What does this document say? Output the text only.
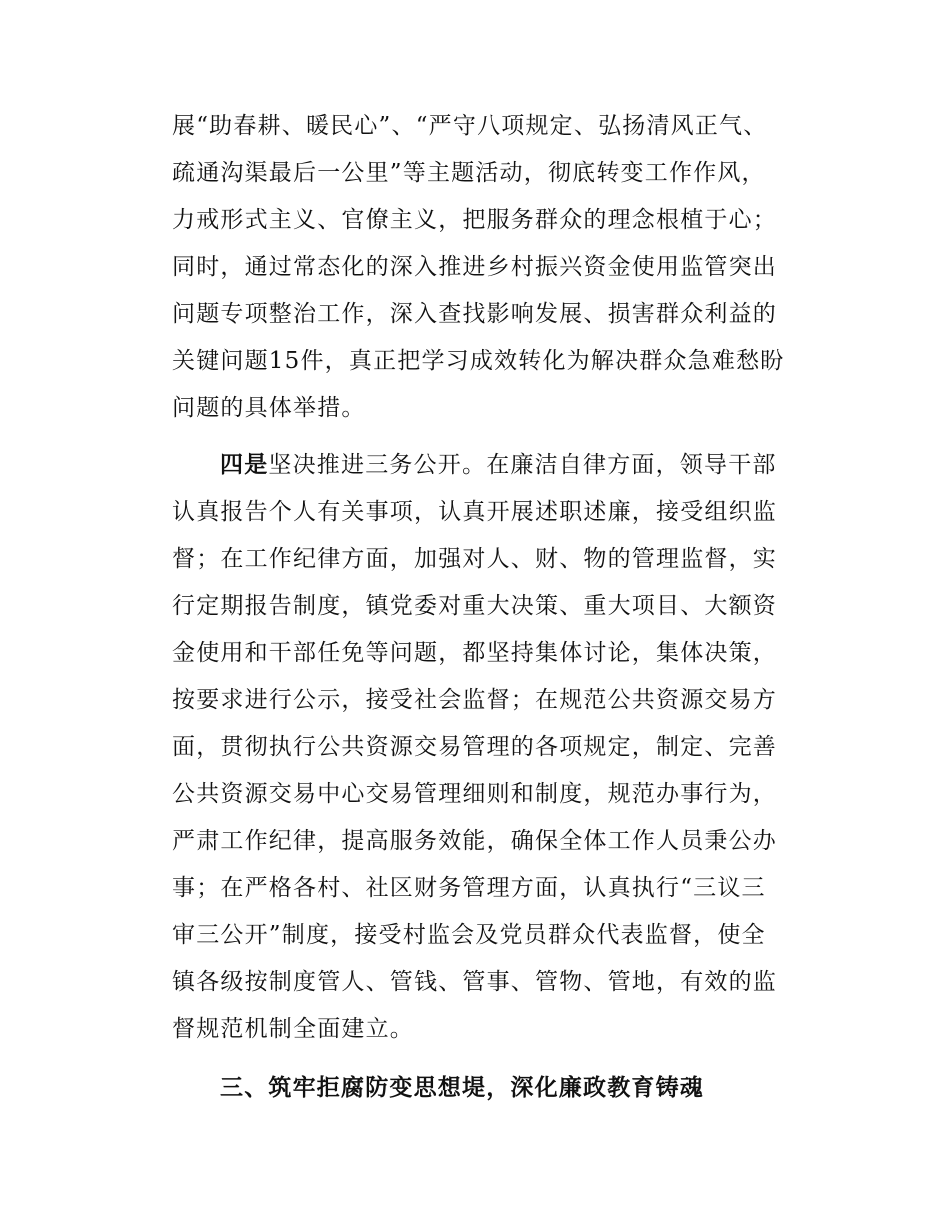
展“助春耕、暖民心”、“严守八项规定、弘扬清风正气、
疏通沟渠最后一公里”等主题活动，彻底转变工作作风，
力戒形式主义、官僚主义，把服务群众的理念根植于心；
同时，通过常态化的深入推进乡村振兴资金使用监管突出
问题专项整治工作，深入查找影响发展、损害群众利益的
关键问题15件，真正把学习成效转化为解决群众急难愁盼
问题的具体举措。
四是坚决推进三务公开。在廉洁自律方面，领导干部
认真报告个人有关事项，认真开展述职述廉，接受组织监
督；在工作纪律方面，加强对人、财、物的管理监督，实
行定期报告制度，镇党委对重大决策、重大项目、大额资
金使用和干部任免等问题，都坚持集体讨论，集体决策，
按要求进行公示，接受社会监督；在规范公共资源交易方
面，贯彻执行公共资源交易管理的各项规定，制定、完善
公共资源交易中心交易管理细则和制度，规范办事行为，
严肃工作纪律，提高服务效能，确保全体工作人员秉公办
事；在严格各村、社区财务管理方面，认真执行“三议三
审三公开”制度，接受村监会及党员群众代表监督，使全
镇各级按制度管人、管钱、管事、管物、管地，有效的监
督规范机制全面建立。
三、筑牢拒腐防变思想堤，深化廉政教育铸魂
